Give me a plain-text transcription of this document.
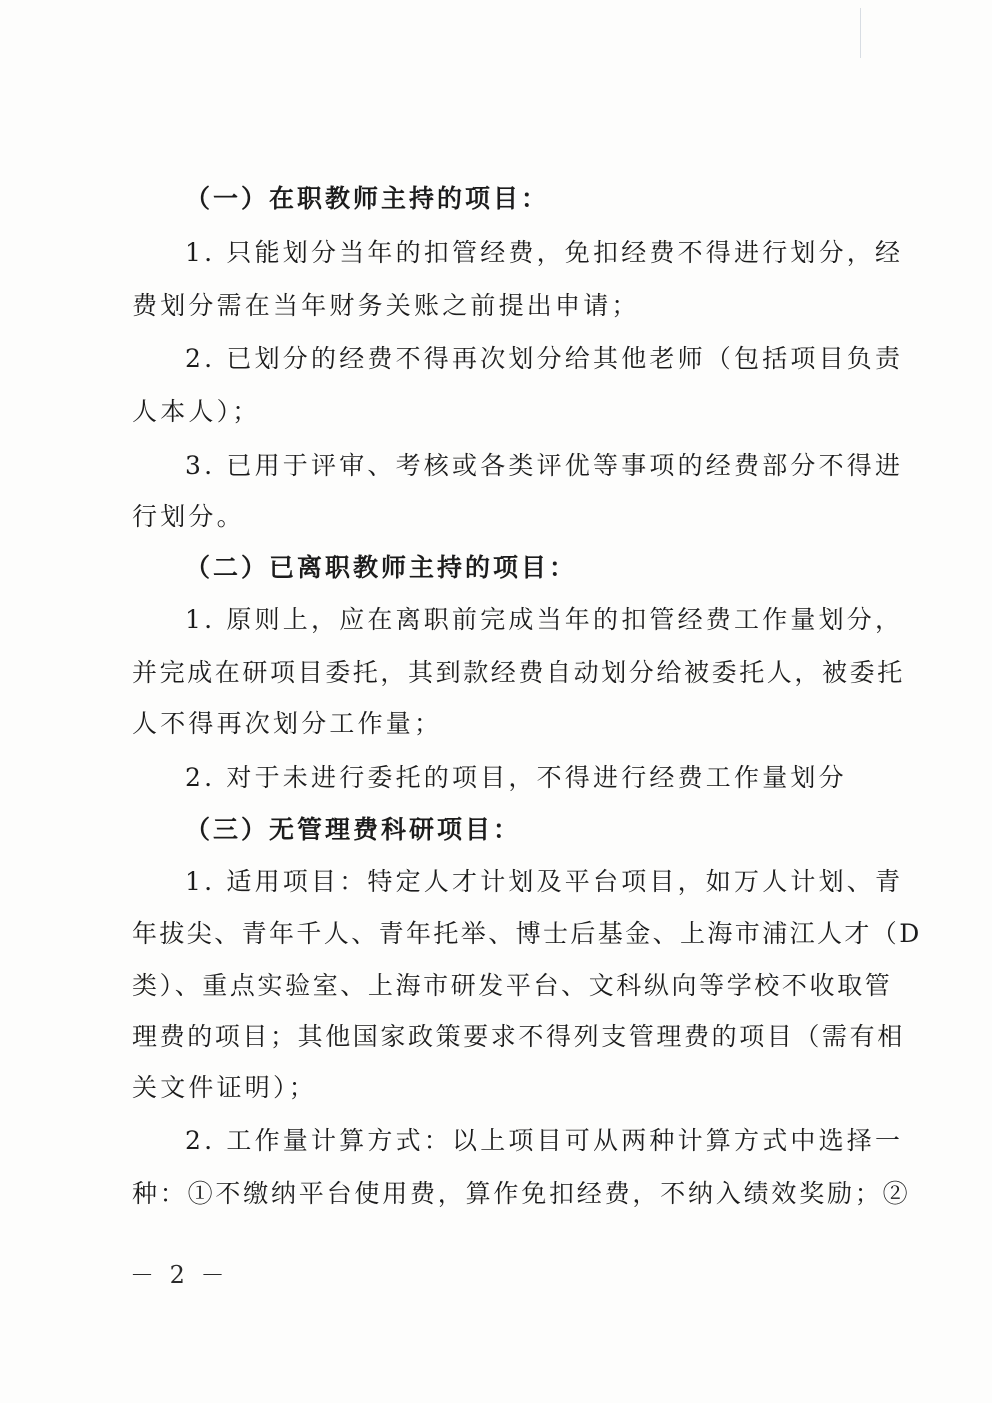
（一）在职教师主持的项目：
1. 只能划分当年的扣管经费，免扣经费不得进行划分，经
费划分需在当年财务关账之前提出申请；
2. 已划分的经费不得再次划分给其他老师（包括项目负责
人本人）；
3. 已用于评审、考核或各类评优等事项的经费部分不得进
行划分。
（二）已离职教师主持的项目：
1. 原则上，应在离职前完成当年的扣管经费工作量划分，
并完成在研项目委托，其到款经费自动划分给被委托人，被委托
人不得再次划分工作量；
2. 对于未进行委托的项目，不得进行经费工作量划分
（三）无管理费科研项目：
1. 适用项目：特定人才计划及平台项目，如万人计划、青
年拔尖、青年千人、青年托举、博士后基金、上海市浦江人才（D
类）、重点实验室、上海市研发平台、文科纵向等学校不收取管
理费的项目；其他国家政策要求不得列支管理费的项目（需有相
关文件证明）；
2. 工作量计算方式：以上项目可从两种计算方式中选择一
种：①不缴纳平台使用费，算作免扣经费，不纳入绩效奖励；②
－ 2 －
